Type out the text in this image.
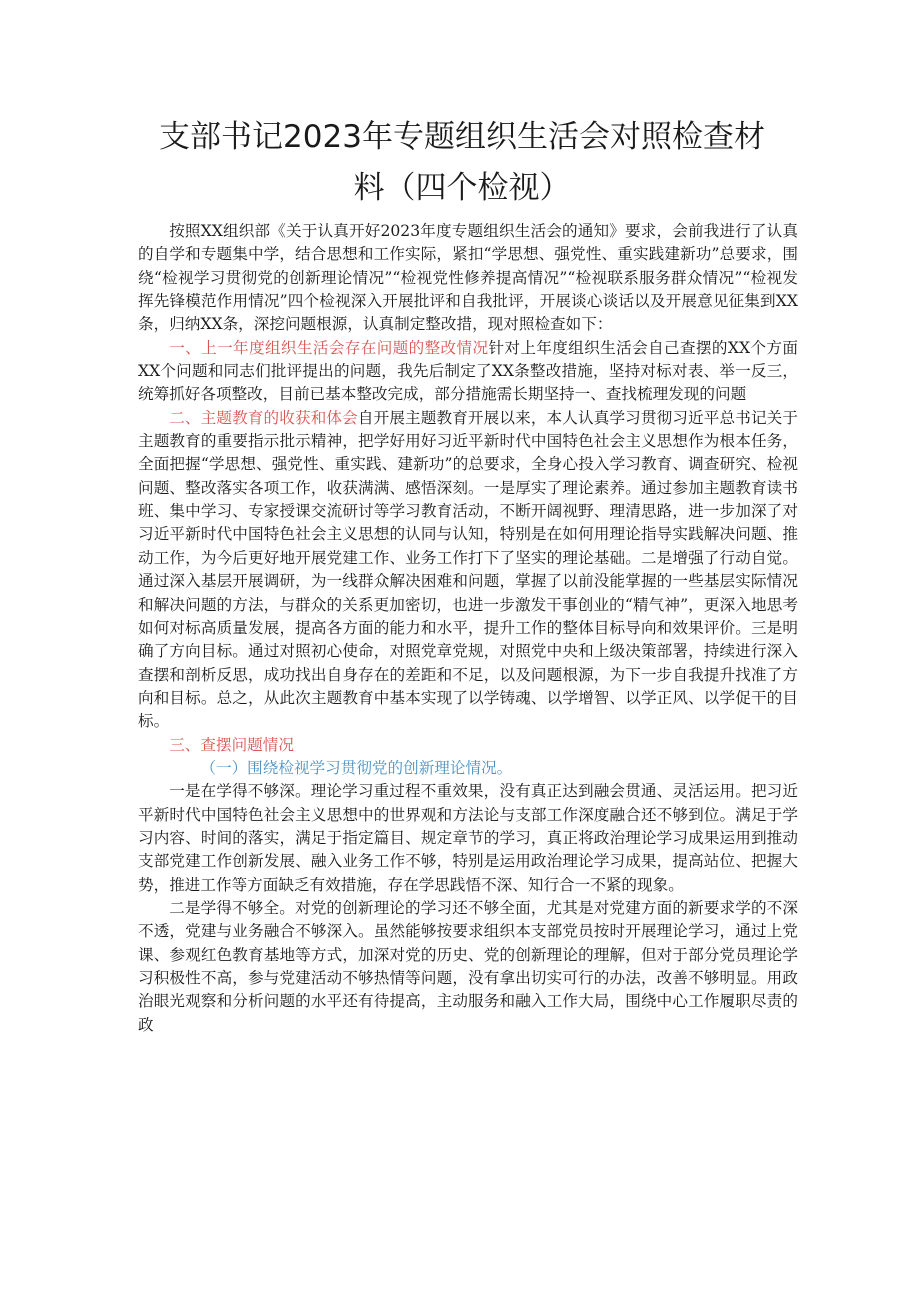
支部书记2023年专题组织生活会对照检查材
料（四个检视）

按照XX组织部《关于认真开好2023年度专题组织生活会的通知》要求，会前我进行了认真的自学和专题集中学，结合思想和工作实际，紧扣“学思想、强党性、重实践建新功”总要求，围绕“检视学习贯彻党的创新理论情况”“检视党性修养提高情况”“检视联系服务群众情况”“检视发挥先锋模范作用情况”四个检视深入开展批评和自我批评，开展谈心谈话以及开展意见征集到XX条，归纳XX条，深挖问题根源，认真制定整改措，现对照检查如下：

一、上一年度组织生活会存在问题的整改情况针对上年度组织生活会自己查摆的XX个方面XX个问题和同志们批评提出的问题，我先后制定了XX条整改措施，坚持对标对表、举一反三，统筹抓好各项整改，目前已基本整改完成，部分措施需长期坚持一、查找梳理发现的问题

二、主题教育的收获和体会自开展主题教育开展以来，本人认真学习贯彻习近平总书记关于主题教育的重要指示批示精神，把学好用好习近平新时代中国特色社会主义思想作为根本任务，全面把握“学思想、强党性、重实践、建新功”的总要求，全身心投入学习教育、调查研究、检视问题、整改落实各项工作，收获满满、感悟深刻。一是厚实了理论素养。通过参加主题教育读书班、集中学习、专家授课交流研讨等学习教育活动，不断开阔视野、理清思路，进一步加深了对习近平新时代中国特色社会主义思想的认同与认知，特别是在如何用理论指导实践解决问题、推动工作，为今后更好地开展党建工作、业务工作打下了坚实的理论基础。二是增强了行动自觉。通过深入基层开展调研，为一线群众解决困难和问题，掌握了以前没能掌握的一些基层实际情况和解决问题的方法，与群众的关系更加密切，也进一步激发干事创业的“精气神”，更深入地思考如何对标高质量发展，提高各方面的能力和水平，提升工作的整体目标导向和效果评价。三是明确了方向目标。通过对照初心使命，对照党章党规，对照党中央和上级决策部署，持续进行深入查摆和剖析反思，成功找出自身存在的差距和不足，以及问题根源，为下一步自我提升找准了方向和目标。总之，从此次主题教育中基本实现了以学铸魂、以学增智、以学正风、以学促干的目标。

三、查摆问题情况

（一）围绕检视学习贯彻党的创新理论情况。

一是在学得不够深。理论学习重过程不重效果，没有真正达到融会贯通、灵活运用。把习近平新时代中国特色社会主义思想中的世界观和方法论与支部工作深度融合还不够到位。满足于学习内容、时间的落实，满足于指定篇目、规定章节的学习，真正将政治理论学习成果运用到推动支部党建工作创新发展、融入业务工作不够，特别是运用政治理论学习成果，提高站位、把握大势，推进工作等方面缺乏有效措施，存在学思践悟不深、知行合一不紧的现象。

二是学得不够全。对党的创新理论的学习还不够全面，尤其是对党建方面的新要求学的不深不透，党建与业务融合不够深入。虽然能够按要求组织本支部党员按时开展理论学习，通过上党课、参观红色教育基地等方式，加深对党的历史、党的创新理论的理解，但对于部分党员理论学习积极性不高，参与党建活动不够热情等问题，没有拿出切实可行的办法，改善不够明显。用政治眼光观察和分析问题的水平还有待提高，主动服务和融入工作大局，围绕中心工作履职尽责的政
